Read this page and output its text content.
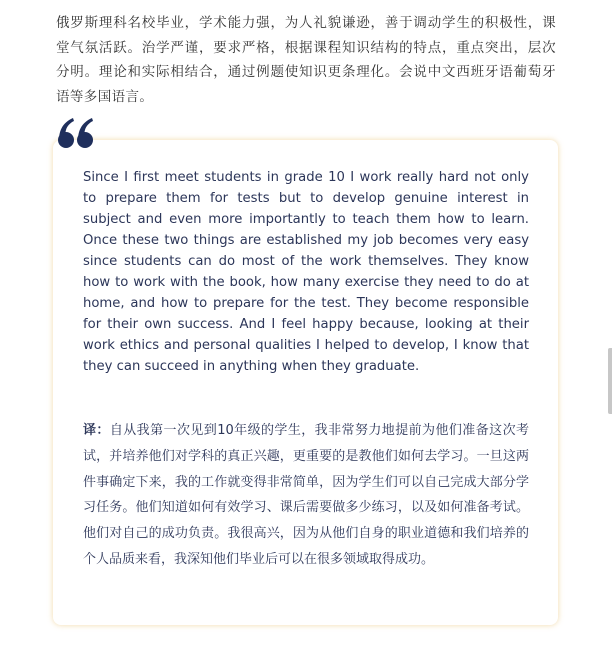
俄罗斯理科名校毕业，学术能力强，为人礼貌谦逊，善于调动学生的积极性，课堂气氛活跃。治学严谨，要求严格，根据课程知识结构的特点，重点突出，层次分明。理论和实际相结合，通过例题使知识更条理化。会说中文西班牙语葡萄牙语等多国语言。
Since I first meet students in grade 10 I work really hard not only to prepare them for tests but to develop genuine interest in subject and even more importantly to teach them how to learn. Once these two things are established my job becomes very easy since students can do most of the work themselves. They know how to work with the book, how many exercise they need to do at home, and how to prepare for the test. They become responsible for their own success. And I feel happy because, looking at their work ethics and personal qualities I helped to develop, I know that they can succeed in anything when they graduate.
译：自从我第一次见到10年级的学生，我非常努力地提前为他们准备这次考试，并培养他们对学科的真正兴趣，更重要的是教他们如何去学习。一旦这两件事确定下来，我的工作就变得非常简单，因为学生们可以自己完成大部分学习任务。他们知道如何有效学习、课后需要做多少练习，以及如何准备考试。他们对自己的成功负责。我很高兴，因为从他们自身的职业道德和我们培养的个人品质来看，我深知他们毕业后可以在很多领域取得成功。
